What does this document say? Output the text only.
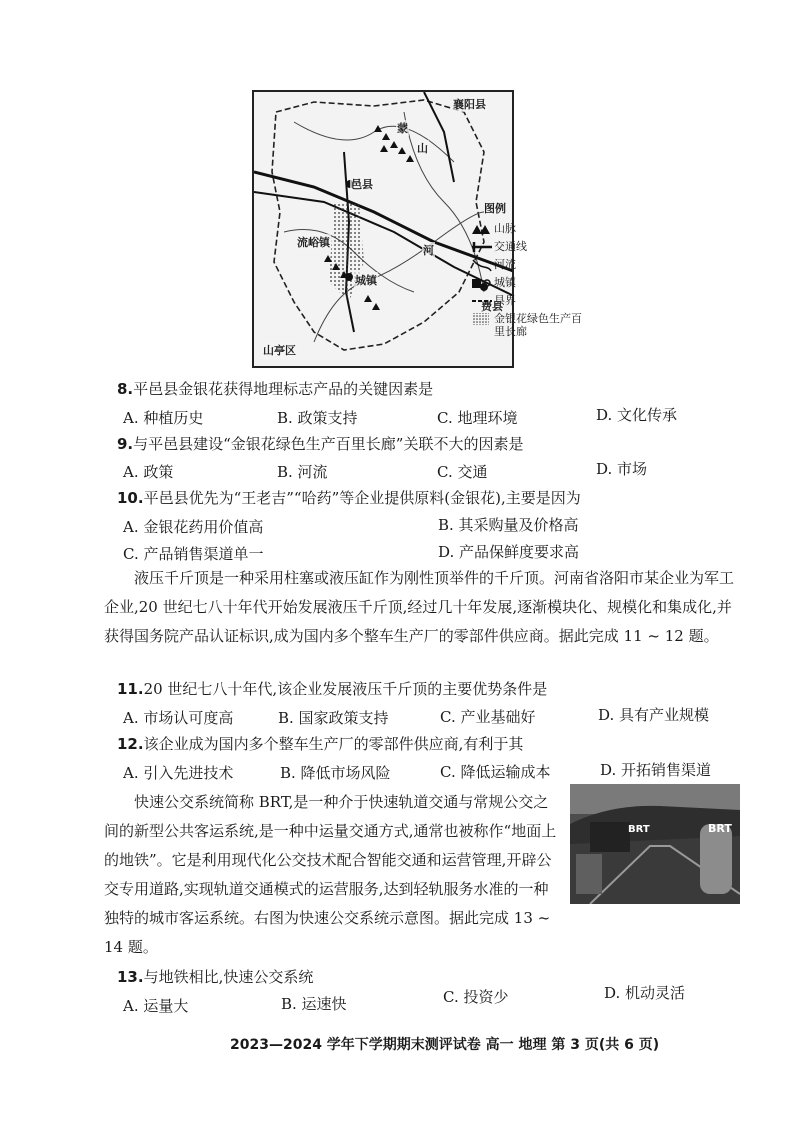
襄阳县
蒙
山
邑县
流峪镇
城镇
河
费县
山亭区
图例
山脉
交通线
河流
城镇
县界
金银花绿色生产百里长廊
8.平邑县金银花获得地理标志产品的关键因素是
A. 种植历史	B. 政策支持	C. 地理环境	D. 文化传承
9.与平邑县建设“金银花绿色生产百里长廊”关联不大的因素是
A. 政策	B. 河流	C. 交通	D. 市场
10.平邑县优先为“王老吉”“哈药”等企业提供原料(金银花),主要是因为
A. 金银花药用价值高	B. 其采购量及价格高
C. 产品销售渠道单一	D. 产品保鲜度要求高
液压千斤顶是一种采用柱塞或液压缸作为刚性顶举件的千斤顶。河南省洛阳市某企业为军工企业,20 世纪七八十年代开始发展液压千斤顶,经过几十年发展,逐渐模块化、规模化和集成化,并获得国务院产品认证标识,成为国内多个整车生产厂的零部件供应商。据此完成 11 ~ 12 题。
11.20 世纪七八十年代,该企业发展液压千斤顶的主要优势条件是
A. 市场认可度高	B. 国家政策支持	C. 产业基础好	D. 具有产业规模
12.该企业成为国内多个整车生产厂的零部件供应商,有利于其
A. 引入先进技术	B. 降低市场风险	C. 降低运输成本	D. 开拓销售渠道
快速公交系统简称 BRT,是一种介于快速轨道交通与常规公交之间的新型公共客运系统,是一种中运量交通方式,通常也被称作“地面上的地铁”。它是利用现代化公交技术配合智能交通和运营管理,开辟公交专用道路,实现轨道交通模式的运营服务,达到轻轨服务水准的一种独特的城市客运系统。右图为快速公交系统示意图。据此完成 13 ~ 14 题。
BRT	BRT
13.与地铁相比,快速公交系统
A. 运量大	B. 运速快	C. 投资少	D. 机动灵活
2023—2024 学年下学期期末测评试卷 高一 地理 第 3 页(共 6 页)
